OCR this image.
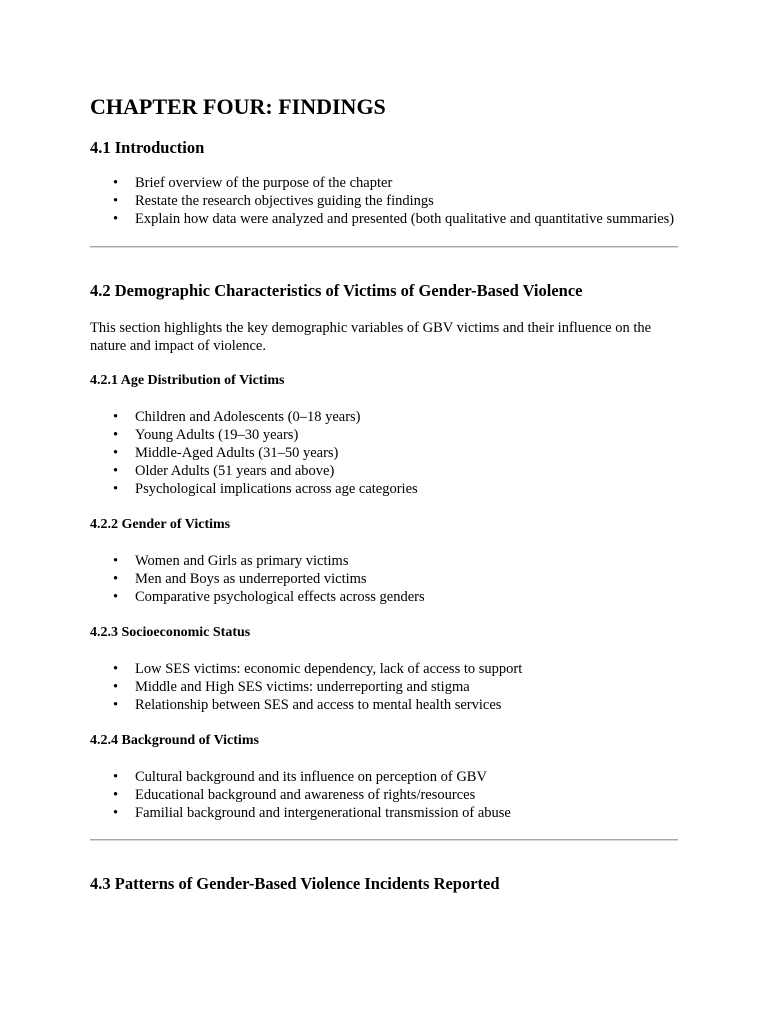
CHAPTER FOUR: FINDINGS
4.1 Introduction
• Brief overview of the purpose of the chapter
• Restate the research objectives guiding the findings
• Explain how data were analyzed and presented (both qualitative and quantitative summaries)
4.2 Demographic Characteristics of Victims of Gender-Based Violence

This section highlights the key demographic variables of GBV victims and their influence on the nature and impact of violence.

4.2.1 Age Distribution of Victims
• Children and Adolescents (0–18 years)
• Young Adults (19–30 years)
• Middle-Aged Adults (31–50 years)
• Older Adults (51 years and above)
• Psychological implications across age categories
4.2.2 Gender of Victims
• Women and Girls as primary victims
• Men and Boys as underreported victims
• Comparative psychological effects across genders
4.2.3 Socioeconomic Status
• Low SES victims: economic dependency, lack of access to support
• Middle and High SES victims: underreporting and stigma
• Relationship between SES and access to mental health services
4.2.4 Background of Victims
• Cultural background and its influence on perception of GBV
• Educational background and awareness of rights/resources
• Familial background and intergenerational transmission of abuse
4.3 Patterns of Gender-Based Violence Incidents Reported
